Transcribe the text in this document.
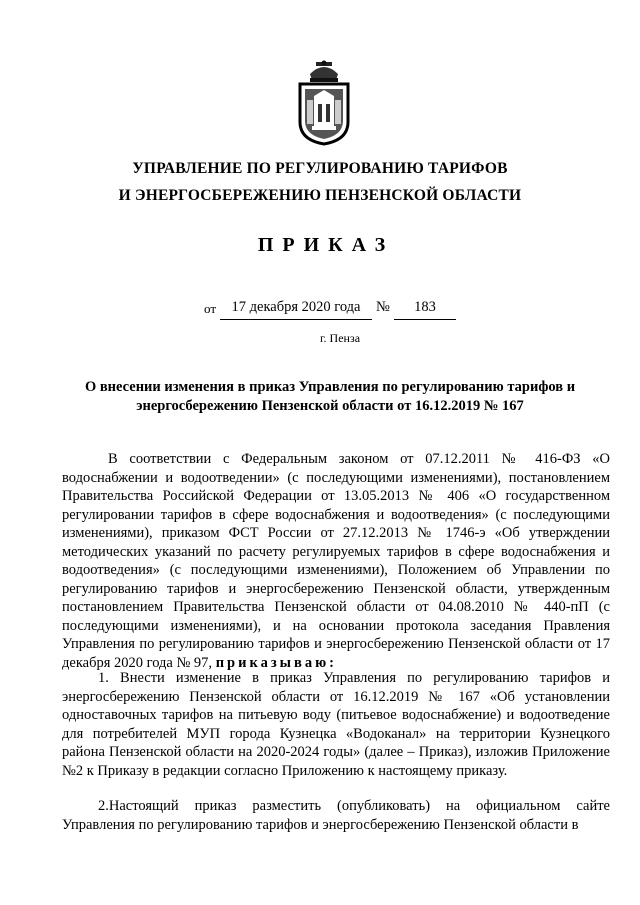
УПРАВЛЕНИЕ ПО РЕГУЛИРОВАНИЮ ТАРИФОВ
И ЭНЕРГОСБЕРЕЖЕНИЮ ПЕНЗЕНСКОЙ ОБЛАСТИ
ПРИКАЗ
от	17 декабря 2020 года	№	183
г. Пенза
О внесении изменения в приказ Управления по регулированию тарифов и энергосбережению Пензенской области от 16.12.2019 № 167

В соответствии с Федеральным законом от 07.12.2011 № 416-ФЗ «О водоснабжении и водоотведении» (с последующими изменениями), постановлением Правительства Российской Федерации от 13.05.2013 № 406 «О государственном регулировании тарифов в сфере водоснабжения и водоотведения» (с последующими изменениями), приказом ФСТ России от 27.12.2013 № 1746-э «Об утверждении методических указаний по расчету регулируемых тарифов в сфере водоснабжения и водоотведения» (с последующими изменениями), Положением об Управлении по регулированию тарифов и энергосбережению Пензенской области, утвержденным постановлением Правительства Пензенской области от 04.08.2010 № 440-пП (с последующими изменениями), и на основании протокола заседания Правления Управления по регулированию тарифов и энергосбережению Пензенской области от 17 декабря 2020 года № 97, приказываю:

1. Внести изменение в приказ Управления по регулированию тарифов и энергосбережению Пензенской области от 16.12.2019 № 167 «Об установлении одноставочных тарифов на питьевую воду (питьевое водоснабжение) и водоотведение для потребителей МУП города Кузнецка «Водоканал» на территории Кузнецкого района Пензенской области на 2020-2024 годы» (далее – Приказ), изложив Приложение №2 к Приказу в редакции согласно Приложению к настоящему приказу.

2.Настоящий приказ разместить (опубликовать) на официальном сайте Управления по регулированию тарифов и энергосбережению Пензенской области в
